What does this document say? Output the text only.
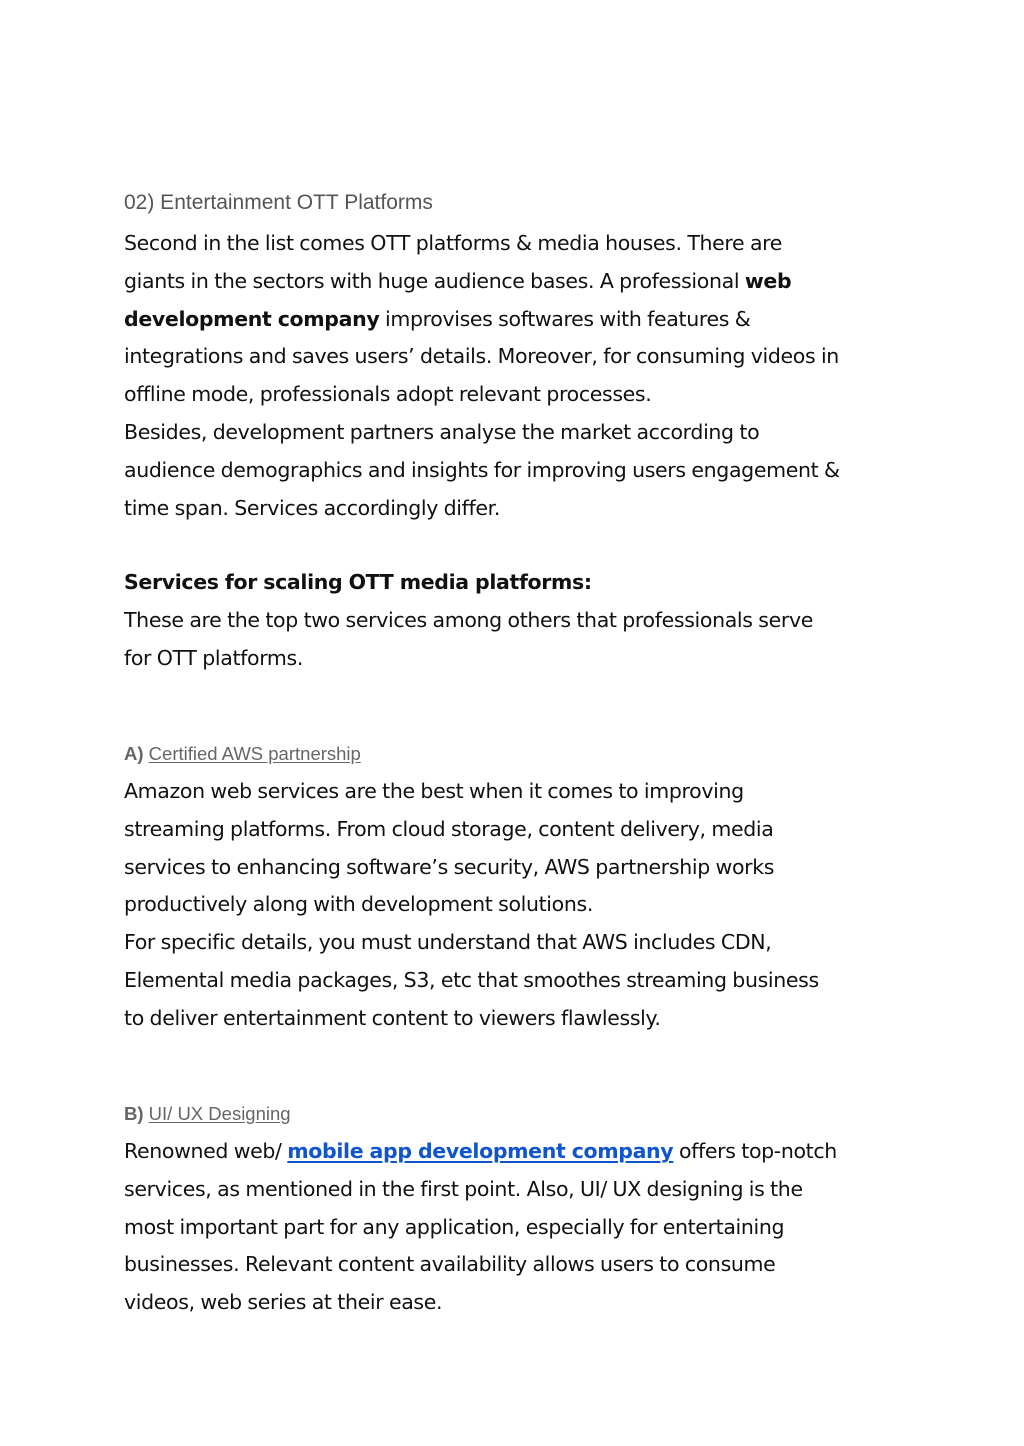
02) Entertainment OTT Platforms
Second in the list comes OTT platforms & media houses. There are
giants in the sectors with huge audience bases. A professional web
development company improvises softwares with features &
integrations and saves users’ details. Moreover, for consuming videos in
offline mode, professionals adopt relevant processes.
Besides, development partners analyse the market according to
audience demographics and insights for improving users engagement &
time span. Services accordingly differ.
Services for scaling OTT media platforms:
These are the top two services among others that professionals serve
for OTT platforms.
A) Certified AWS partnership
Amazon web services are the best when it comes to improving
streaming platforms. From cloud storage, content delivery, media
services to enhancing software’s security, AWS partnership works
productively along with development solutions.
For specific details, you must understand that AWS includes CDN,
Elemental media packages, S3, etc that smoothes streaming business
to deliver entertainment content to viewers flawlessly.
B) UI/ UX Designing
Renowned web/ mobile app development company offers top-notch
services, as mentioned in the first point. Also, UI/ UX designing is the
most important part for any application, especially for entertaining
businesses. Relevant content availability allows users to consume
videos, web series at their ease.
